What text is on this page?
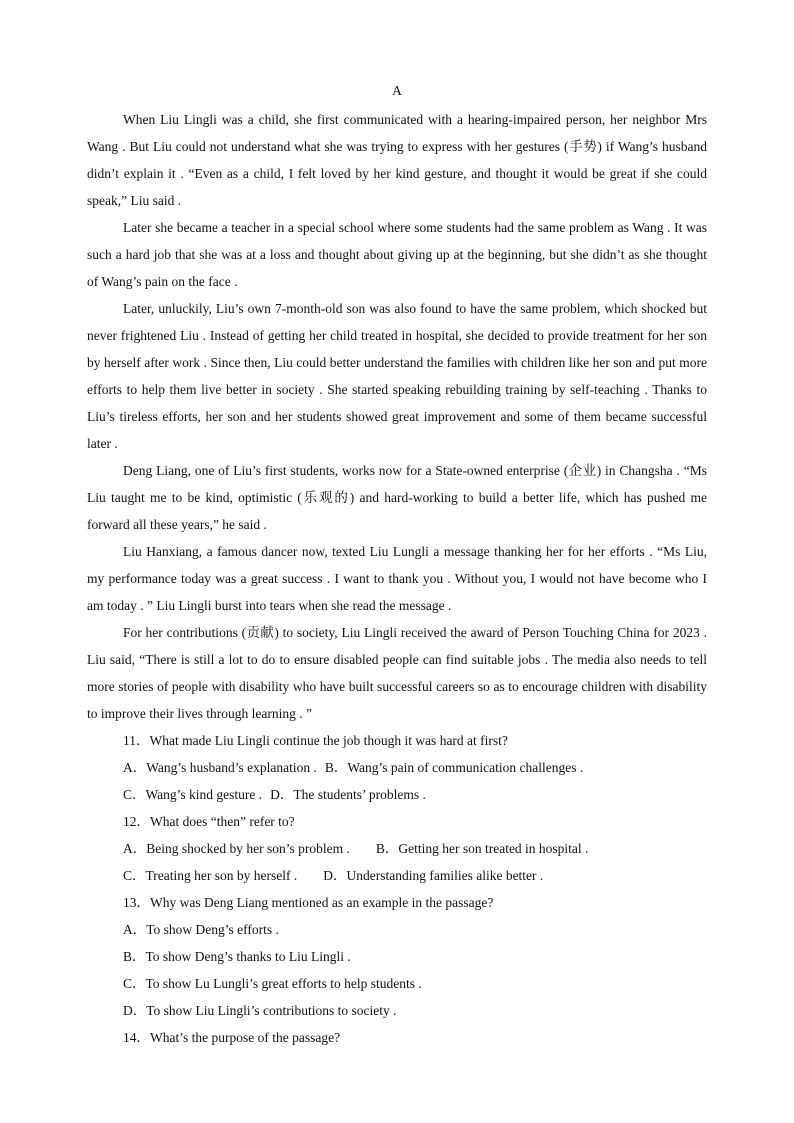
A

When Liu Lingli was a child, she first communicated with a hearing-impaired person, her neighbor Mrs Wang . But Liu could not understand what she was trying to express with her gestures (手势) if Wang’s husband didn’t explain it . “Even as a child, I felt loved by her kind gesture, and thought it would be great if she could speak,” Liu said .

Later she became a teacher in a special school where some students had the same problem as Wang . It was such a hard job that she was at a loss and thought about giving up at the beginning, but she didn’t as she thought of Wang’s pain on the face .

Later, unluckily, Liu’s own 7-month-old son was also found to have the same problem, which shocked but never frightened Liu . Instead of getting her child treated in hospital, she decided to provide treatment for her son by herself after work . Since then, Liu could better understand the families with children like her son and put more efforts to help them live better in society . She started speaking rebuilding training by self-teaching . Thanks to Liu’s tireless efforts, her son and her students showed great improvement and some of them became successful later .

Deng Liang, one of Liu’s first students, works now for a State-owned enterprise (企业) in Changsha . “Ms Liu taught me to be kind, optimistic (乐观的) and hard-working to build a better life, which has pushed me forward all these years,” he said .

Liu Hanxiang, a famous dancer now, texted Liu Lungli a message thanking her for her efforts . “Ms Liu, my performance today was a great success . I want to thank you . Without you, I would not have become who I am today . ” Liu Lingli burst into tears when she read the message .

For her contributions (贡献) to society, Liu Lingli received the award of Person Touching China for 2023 . Liu said, “There is still a lot to do to ensure disabled people can find suitable jobs . The media also needs to tell more stories of people with disability who have built successful careers so as to encourage children with disability to improve their lives through learning . ”

11．What made Liu Lingli continue the job though it was hard at first?

A．Wang’s husband’s explanation . B．Wang’s pain of communication challenges .

C．Wang’s kind gesture . D．The students’ problems .

12．What does “then” refer to?

A．Being shocked by her son’s problem . B．Getting her son treated in hospital .

C．Treating her son by herself . D．Understanding families alike better .

13．Why was Deng Liang mentioned as an example in the passage?

A．To show Deng’s efforts .

B．To show Deng’s thanks to Liu Lingli .

C．To show Lu Lungli’s great efforts to help students .

D．To show Liu Lingli’s contributions to society .

14．What’s the purpose of the passage?
